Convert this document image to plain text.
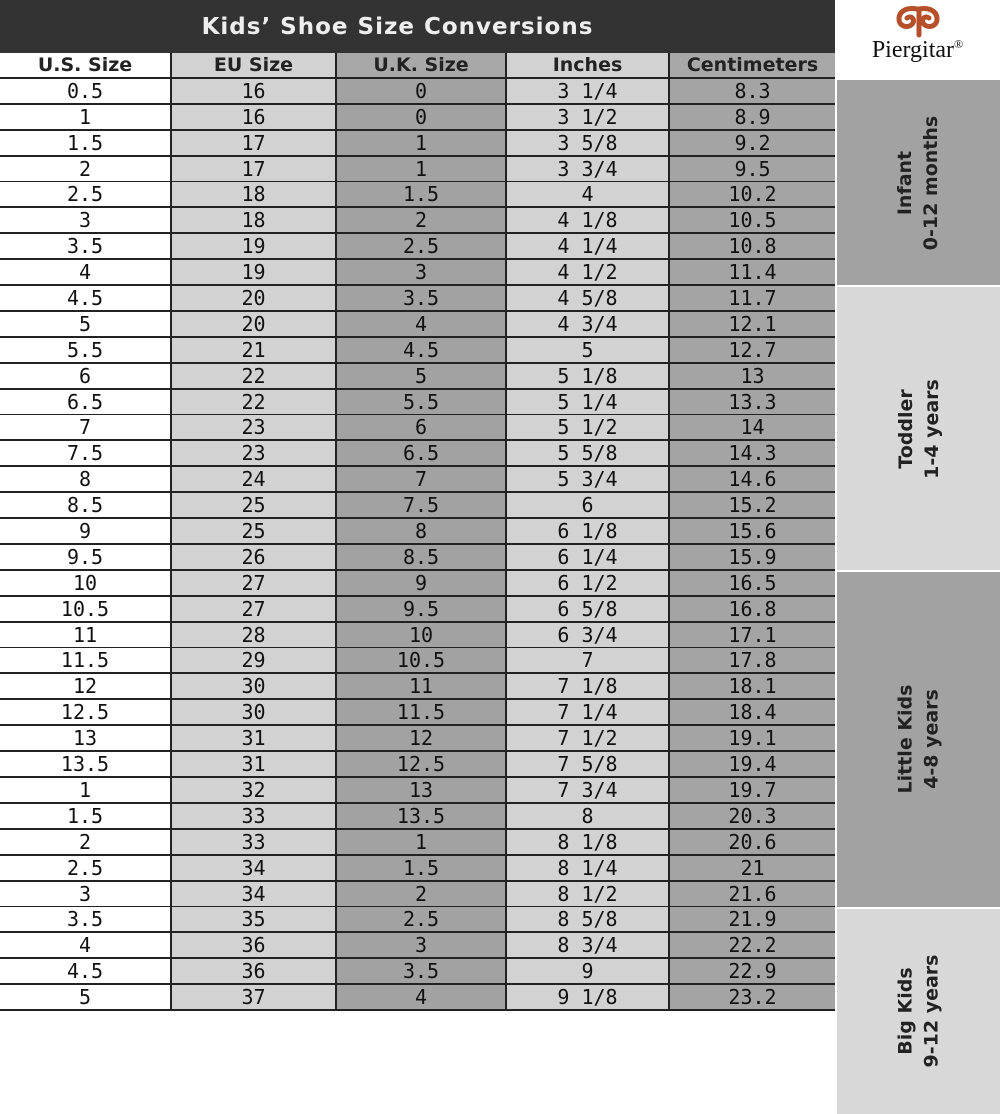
Kids’ Shoe Size Conversions
Piergitar®
U.S. Size	EU Size	U.K. Size	Inches	Centimeters
0.5	16	0	3 1/4	8.3
1	16	0	3 1/2	8.9
1.5	17	1	3 5/8	9.2
2	17	1	3 3/4	9.5
2.5	18	1.5	4	10.2
3	18	2	4 1/8	10.5
3.5	19	2.5	4 1/4	10.8
4	19	3	4 1/2	11.4
4.5	20	3.5	4 5/8	11.7
5	20	4	4 3/4	12.1
5.5	21	4.5	5	12.7
6	22	5	5 1/8	13
6.5	22	5.5	5 1/4	13.3
7	23	6	5 1/2	14
7.5	23	6.5	5 5/8	14.3
8	24	7	5 3/4	14.6
8.5	25	7.5	6	15.2
9	25	8	6 1/8	15.6
9.5	26	8.5	6 1/4	15.9
10	27	9	6 1/2	16.5
10.5	27	9.5	6 5/8	16.8
11	28	10	6 3/4	17.1
11.5	29	10.5	7	17.8
12	30	11	7 1/8	18.1
12.5	30	11.5	7 1/4	18.4
13	31	12	7 1/2	19.1
13.5	31	12.5	7 5/8	19.4
1	32	13	7 3/4	19.7
1.5	33	13.5	8	20.3
2	33	1	8 1/8	20.6
2.5	34	1.5	8 1/4	21
3	34	2	8 1/2	21.6
3.5	35	2.5	8 5/8	21.9
4	36	3	8 3/4	22.2
4.5	36	3.5	9	22.9
5	37	4	9 1/8	23.2
Infant 0-12 months
Toddler 1-4 years
Little Kids 4-8 years
Big Kids 9-12 years
